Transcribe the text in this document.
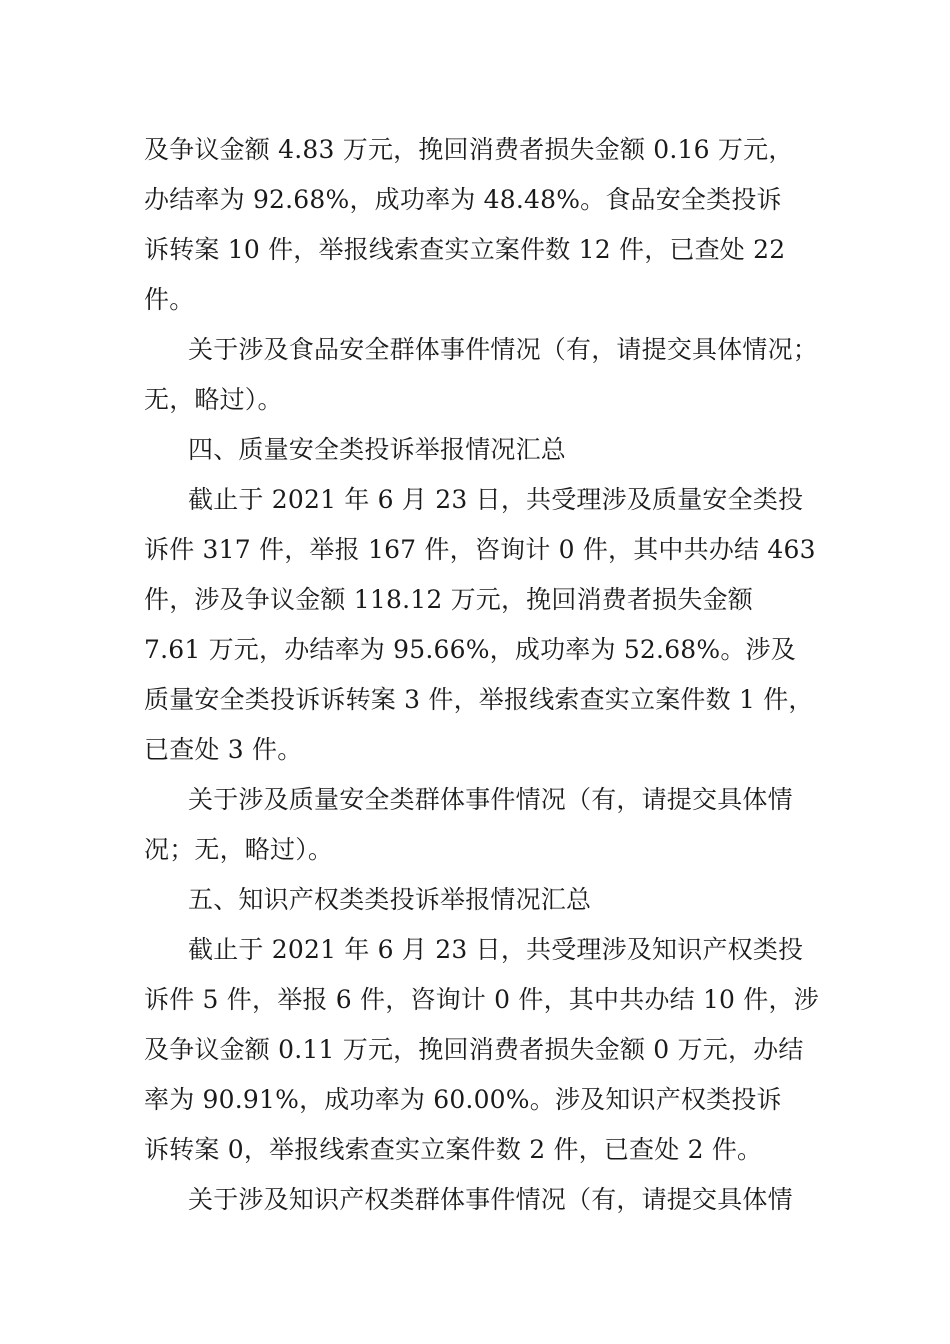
及争议金额 4.83 万元，挽回消费者损失金额 0.16 万元，
办结率为 92.68%，成功率为 48.48%。食品安全类投诉
诉转案 10 件，举报线索查实立案件数 12 件，已查处 22
件。
关于涉及食品安全群体事件情况（有，请提交具体情况；
无，略过）。
四、质量安全类投诉举报情况汇总
截止于 2021 年 6 月 23 日，共受理涉及质量安全类投
诉件 317 件，举报 167 件，咨询计 0 件，其中共办结 463
件，涉及争议金额 118.12 万元，挽回消费者损失金额
7.61 万元，办结率为 95.66%，成功率为 52.68%。涉及
质量安全类投诉诉转案 3 件，举报线索查实立案件数 1 件，
已查处 3 件。
关于涉及质量安全类群体事件情况（有，请提交具体情
况；无，略过）。
五、知识产权类类投诉举报情况汇总
截止于 2021 年 6 月 23 日，共受理涉及知识产权类投
诉件 5 件，举报 6 件，咨询计 0 件，其中共办结 10 件，涉
及争议金额 0.11 万元，挽回消费者损失金额 0 万元，办结
率为 90.91%，成功率为 60.00%。涉及知识产权类投诉
诉转案 0，举报线索查实立案件数 2 件，已查处 2 件。
关于涉及知识产权类群体事件情况（有，请提交具体情
